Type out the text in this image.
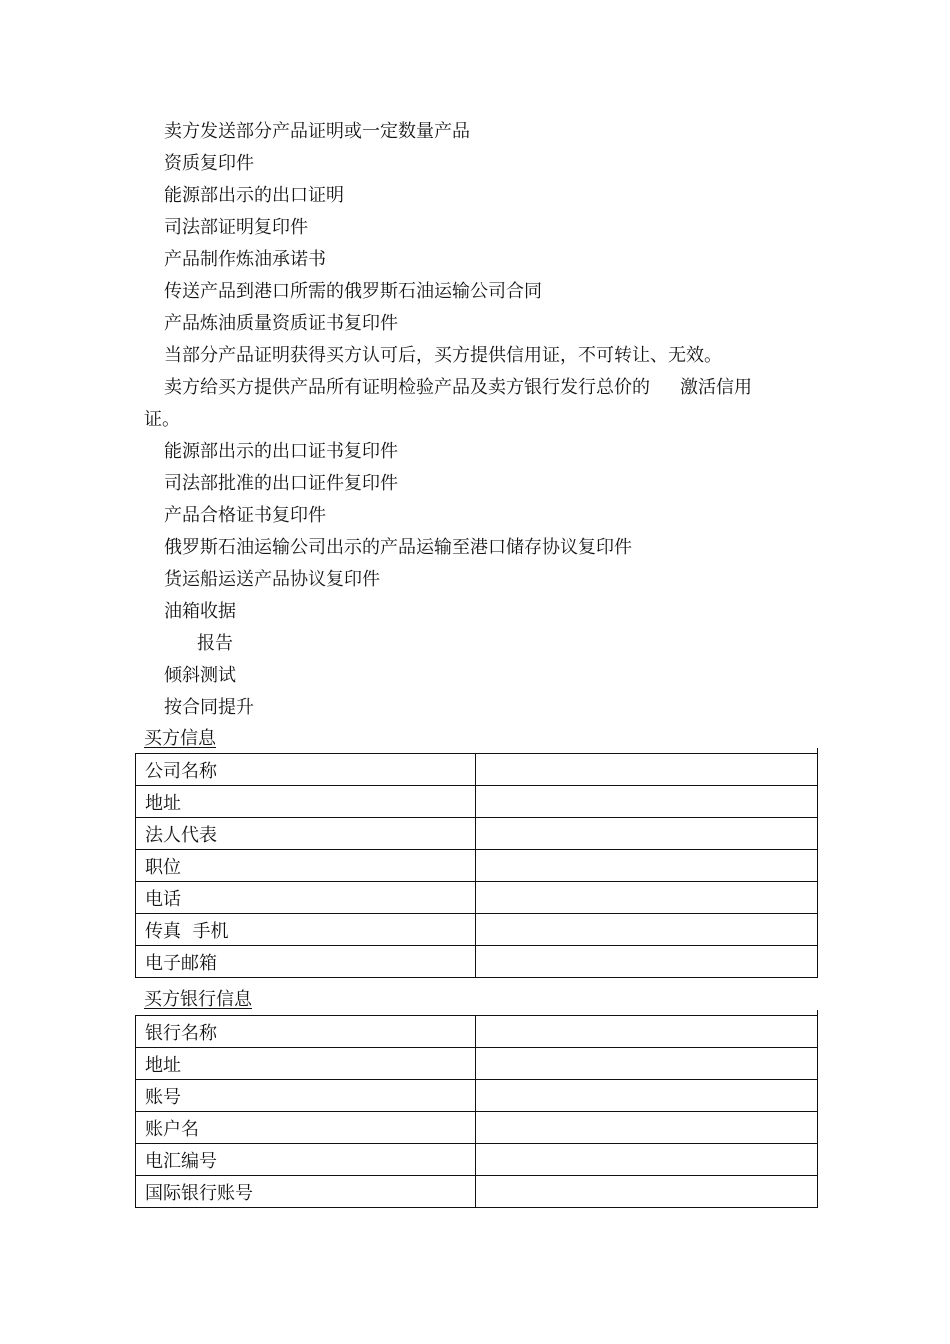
卖方发送部分产品证明或一定数量产品
资质复印件
能源部出示的出口证明
司法部证明复印件
产品制作炼油承诺书
传送产品到港口所需的俄罗斯石油运输公司合同
产品炼油质量资质证书复印件
当部分产品证明获得买方认可后，买方提供信用证，不可转让、无效。
卖方给买方提供产品所有证明检验产品及卖方银行发行总价的 激活信用
证。
能源部出示的出口证书复印件
司法部批准的出口证件复印件
产品合格证书复印件
俄罗斯石油运输公司出示的产品运输至港口储存协议复印件
货运船运送产品协议复印件
油箱收据
报告
倾斜测试
按合同提升
买方信息
公司名称	
地址	
法人代表	
职位	
电话	
传真  手机	
电子邮箱	
买方银行信息
银行名称	
地址	
账号	
账户名	
电汇编号	
国际银行账号	
